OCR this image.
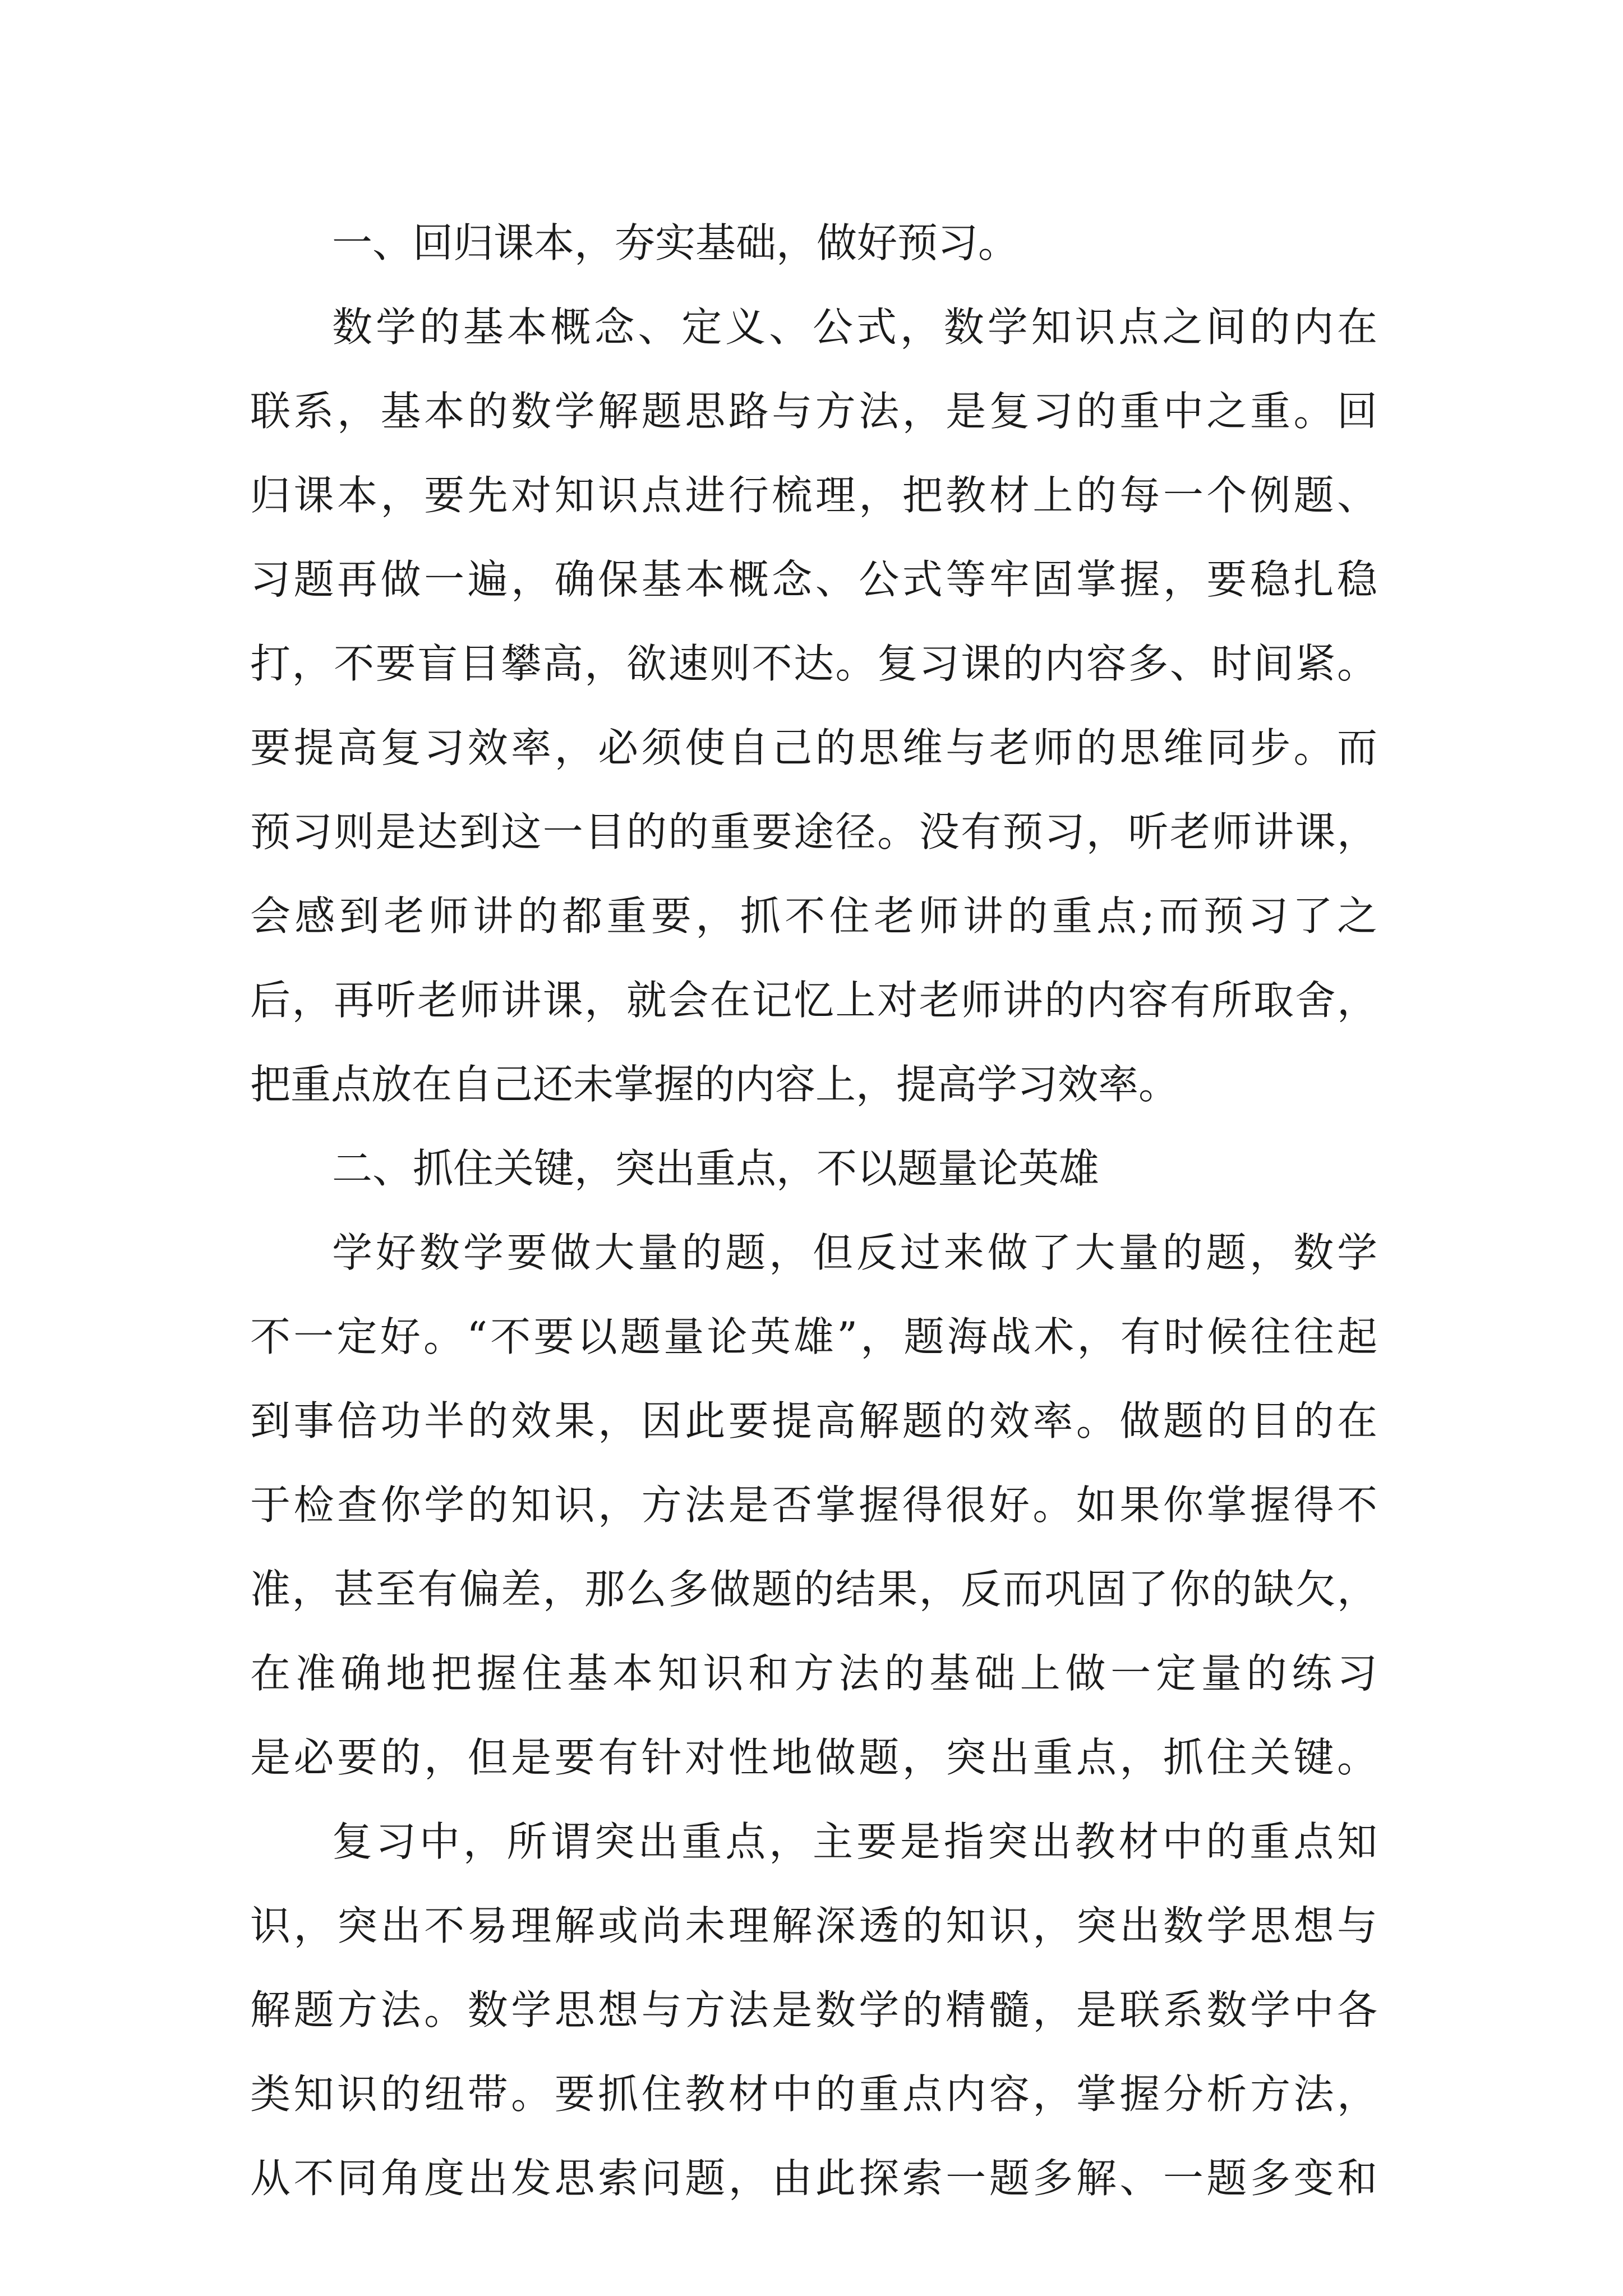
一、回归课本，夯实基础，做好预习。
数学的基本概念、定义、公式，数学知识点之间的内在
联系，基本的数学解题思路与方法，是复习的重中之重。回
归课本，要先对知识点进行梳理，把教材上的每一个例题、
习题再做一遍，确保基本概念、公式等牢固掌握，要稳扎稳
打，不要盲目攀高，欲速则不达。复习课的内容多、时间紧。
要提高复习效率，必须使自己的思维与老师的思维同步。而
预习则是达到这一目的的重要途径。没有预习，听老师讲课，
会感到老师讲的都重要，抓不住老师讲的重点;而预习了之
后，再听老师讲课，就会在记忆上对老师讲的内容有所取舍，
把重点放在自己还未掌握的内容上，提高学习效率。
二、抓住关键，突出重点，不以题量论英雄
学好数学要做大量的题，但反过来做了大量的题，数学
不一定好。“不要以题量论英雄”，题海战术，有时候往往起
到事倍功半的效果，因此要提高解题的效率。做题的目的在
于检查你学的知识，方法是否掌握得很好。如果你掌握得不
准，甚至有偏差，那么多做题的结果，反而巩固了你的缺欠，
在准确地把握住基本知识和方法的基础上做一定量的练习
是必要的，但是要有针对性地做题，突出重点，抓住关键。
复习中，所谓突出重点，主要是指突出教材中的重点知
识，突出不易理解或尚未理解深透的知识，突出数学思想与
解题方法。数学思想与方法是数学的精髓，是联系数学中各
类知识的纽带。要抓住教材中的重点内容，掌握分析方法，
从不同角度出发思索问题，由此探索一题多解、一题多变和
